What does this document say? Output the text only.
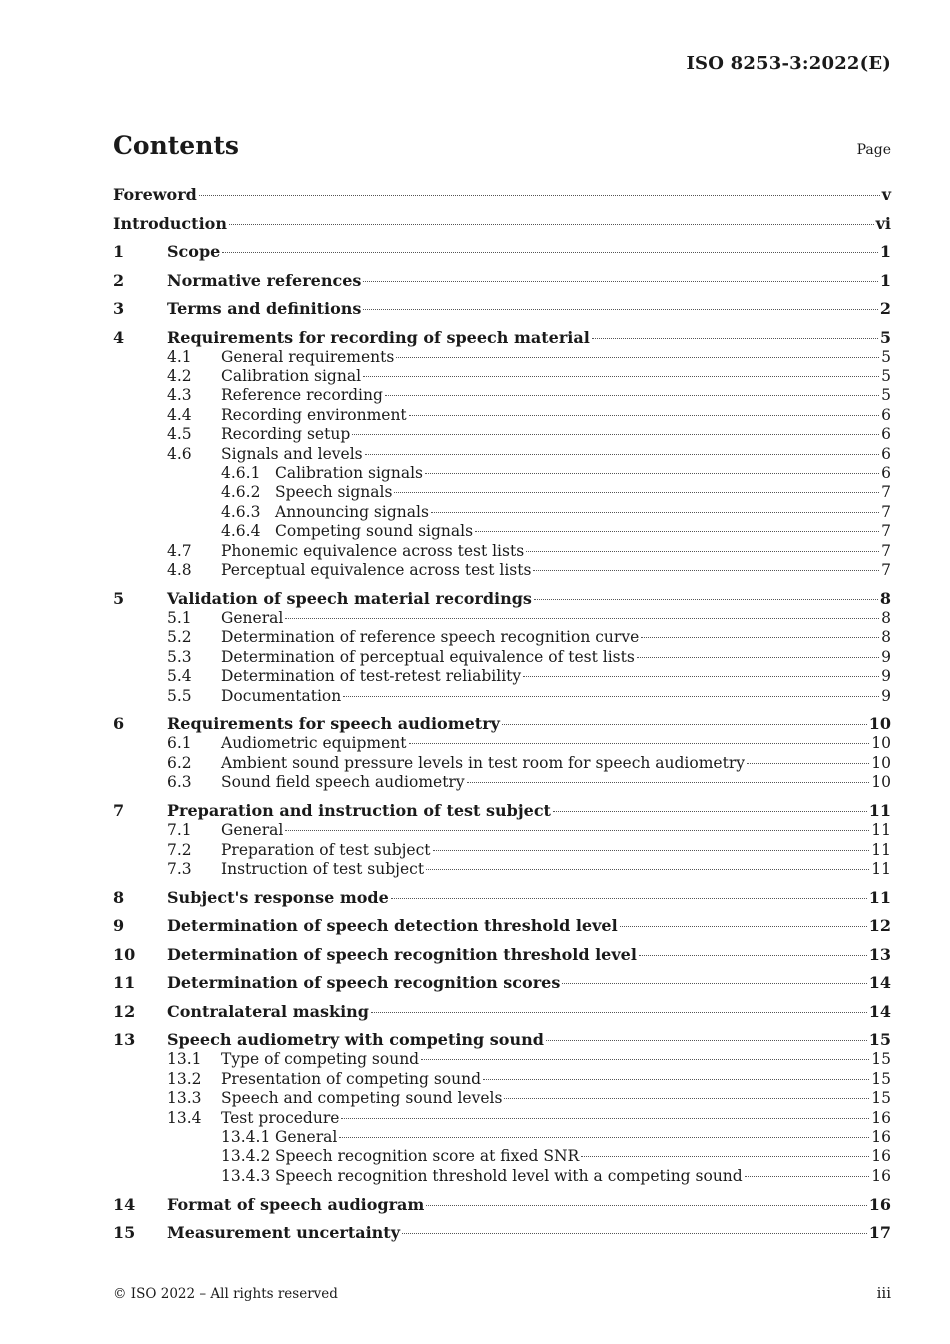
ISO 8253-3:2022(E)
Contents	Page
Foreword	v
Introduction	vi
1	Scope	1
2	Normative references	1
3	Terms and definitions	2
4	Requirements for recording of speech material	5
4.1	General requirements	5
4.2	Calibration signal	5
4.3	Reference recording	5
4.4	Recording environment	6
4.5	Recording setup	6
4.6	Signals and levels	6
4.6.1 Calibration signals	6
4.6.2 Speech signals	7
4.6.3 Announcing signals	7
4.6.4 Competing sound signals	7
4.7	Phonemic equivalence across test lists	7
4.8	Perceptual equivalence across test lists	7
5	Validation of speech material recordings	8
5.1	General	8
5.2	Determination of reference speech recognition curve	8
5.3	Determination of perceptual equivalence of test lists	9
5.4	Determination of test-retest reliability	9
5.5	Documentation	9
6	Requirements for speech audiometry	10
6.1	Audiometric equipment	10
6.2	Ambient sound pressure levels in test room for speech audiometry	10
6.3	Sound field speech audiometry	10
7	Preparation and instruction of test subject	11
7.1	General	11
7.2	Preparation of test subject	11
7.3	Instruction of test subject	11
8	Subject's response mode	11
9	Determination of speech detection threshold level	12
10	Determination of speech recognition threshold level	13
11	Determination of speech recognition scores	14
12	Contralateral masking	14
13	Speech audiometry with competing sound	15
13.1	Type of competing sound	15
13.2	Presentation of competing sound	15
13.3	Speech and competing sound levels	15
13.4	Test procedure	16
13.4.1 General	16
13.4.2 Speech recognition score at fixed SNR	16
13.4.3 Speech recognition threshold level with a competing sound	16
14	Format of speech audiogram	16
15	Measurement uncertainty	17
© ISO 2022 – All rights reserved	iii
